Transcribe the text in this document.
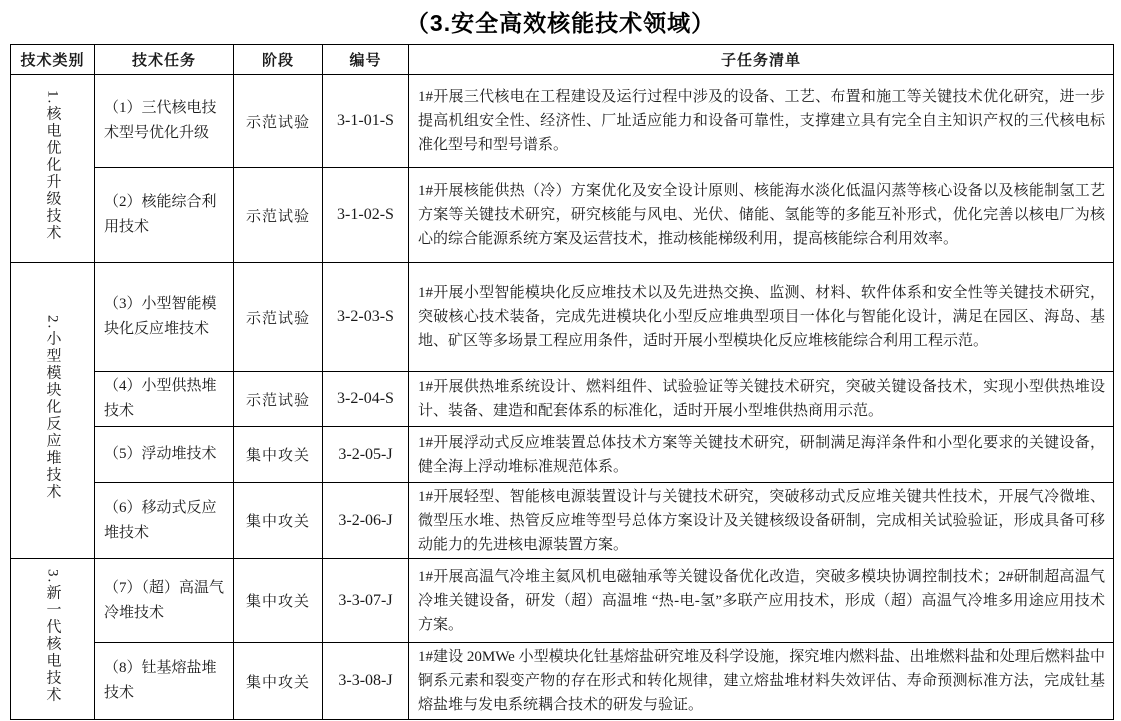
（3.安全高效核能技术领域）
技术类别	技术任务	阶段	编号	子任务清单
1.核电优化升级技术	（1）三代核电技术型号优化升级	示范试验	3-1-01-S	1#开展三代核电在工程建设及运行过程中涉及的设备、工艺、布置和施工等关键技术优化研究，进一步提高机组安全性、经济性、厂址适应能力和设备可靠性，支撑建立具有完全自主知识产权的三代核电标准化型号和型号谱系。
	（2）核能综合利用技术	示范试验	3-1-02-S	1#开展核能供热（冷）方案优化及安全设计原则、核能海水淡化低温闪蒸等核心设备以及核能制氢工艺方案等关键技术研究，研究核能与风电、光伏、储能、氢能等的多能互补形式，优化完善以核电厂为核心的综合能源系统方案及运营技术，推动核能梯级利用，提高核能综合利用效率。
2.小型模块化反应堆技术	（3）小型智能模块化反应堆技术	示范试验	3-2-03-S	1#开展小型智能模块化反应堆技术以及先进热交换、监测、材料、软件体系和安全性等关键技术研究，突破核心技术装备，完成先进模块化小型反应堆典型项目一体化与智能化设计，满足在园区、海岛、基地、矿区等多场景工程应用条件，适时开展小型模块化反应堆核能综合利用工程示范。
	（4）小型供热堆技术	示范试验	3-2-04-S	1#开展供热堆系统设计、燃料组件、试验验证等关键技术研究，突破关键设备技术，实现小型供热堆设计、装备、建造和配套体系的标准化，适时开展小型堆供热商用示范。
	（5）浮动堆技术	集中攻关	3-2-05-J	1#开展浮动式反应堆装置总体技术方案等关键技术研究，研制满足海洋条件和小型化要求的关键设备，健全海上浮动堆标准规范体系。
	（6）移动式反应堆技术	集中攻关	3-2-06-J	1#开展轻型、智能核电源装置设计与关键技术研究，突破移动式反应堆关键共性技术，开展气冷微堆、微型压水堆、热管反应堆等型号总体方案设计及关键核级设备研制，完成相关试验验证，形成具备可移动能力的先进核电源装置方案。
3.新一代核电技术	（7）（超）高温气冷堆技术	集中攻关	3-3-07-J	1#开展高温气冷堆主氦风机电磁轴承等关键设备优化改造，突破多模块协调控制技术；2#研制超高温气冷堆关键设备，研发（超）高温堆 “热-电-氢”多联产应用技术，形成（超）高温气冷堆多用途应用技术方案。
	（8）钍基熔盐堆技术	集中攻关	3-3-08-J	1#建设 20MWe 小型模块化钍基熔盐研究堆及科学设施，探究堆内燃料盐、出堆燃料盐和处理后燃料盐中锕系元素和裂变产物的存在形式和转化规律，建立熔盐堆材料失效评估、寿命预测标准方法，完成钍基熔盐堆与发电系统耦合技术的研发与验证。
